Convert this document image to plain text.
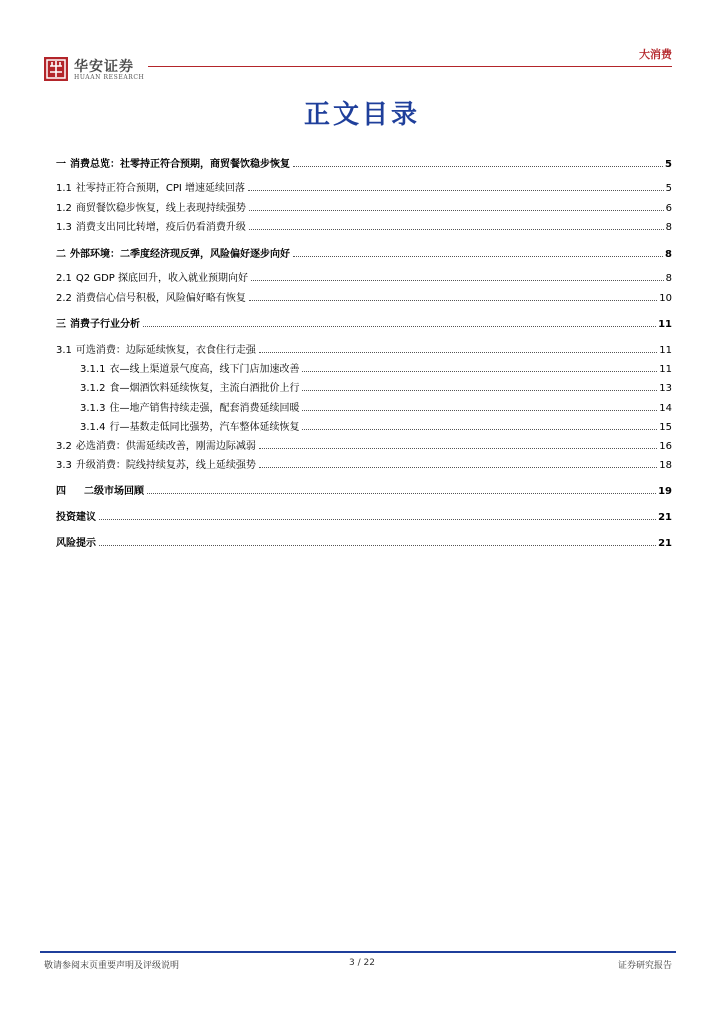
华安证券
HUAAN RESEARCH
大消费
正文目录
一 消费总览：社零持正符合预期，商贸餐饮稳步恢复	5
1.1 社零持正符合预期，CPI 增速延续回落	5
1.2 商贸餐饮稳步恢复，线上表现持续强势	6
1.3 消费支出同比转增，疫后仍看消费升级	8
二 外部环境：二季度经济现反弹，风险偏好逐步向好	8
2.1 Q2 GDP 探底回升，收入就业预期向好	8
2.2 消费信心信号积极，风险偏好略有恢复	10
三 消费子行业分析	11
3.1 可选消费：边际延续恢复，衣食住行走强	11
3.1.1 衣—线上渠道景气度高，线下门店加速改善	11
3.1.2 食—烟酒饮料延续恢复，主流白酒批价上行	13
3.1.3 住—地产销售持续走强，配套消费延续回暖	14
3.1.4 行—基数走低同比强势，汽车整体延续恢复	15
3.2 必选消费：供需延续改善，刚需边际减弱	16
3.3 升级消费：院线持续复苏，线上延续强势	18
四 二级市场回顾	19
投资建议	21
风险提示	21
敬请参阅末页重要声明及评级说明	3 / 22	证券研究报告
